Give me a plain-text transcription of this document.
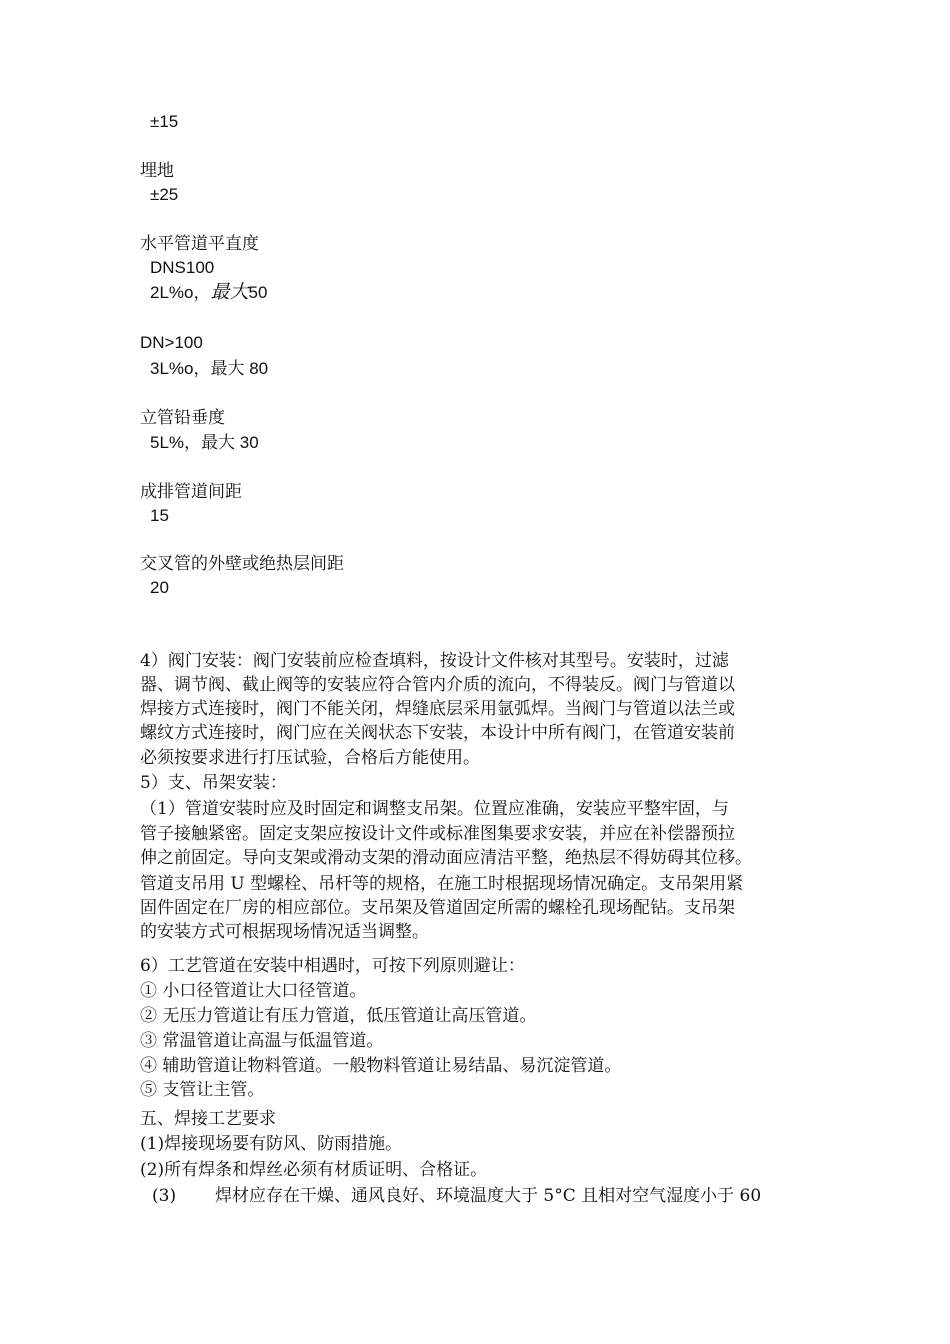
±15
埋地
±25
水平管道平直度
DNS100
2L%o，最大50
DN>100
3L%o，最大 80
立管铅垂度
5L%，最大 30
成排管道间距
15
交叉管的外壁或绝热层间距
20
4）阀门安装：阀门安装前应检查填料，按设计文件核对其型号。安装时，过滤
器、调节阀、截止阀等的安装应符合管内介质的流向，不得装反。阀门与管道以
焊接方式连接时，阀门不能关闭，焊缝底层采用氩弧焊。当阀门与管道以法兰或
螺纹方式连接时，阀门应在关阀状态下安装，本设计中所有阀门，在管道安装前
必须按要求进行打压试验，合格后方能使用。
5）支、吊架安装：
（1）管道安装时应及时固定和调整支吊架。位置应准确，安装应平整牢固，与
管子接触紧密。固定支架应按设计文件或标准图集要求安装，并应在补偿器预拉
伸之前固定。导向支架或滑动支架的滑动面应清洁平整，绝热层不得妨碍其位移。
管道支吊用 U 型螺栓、吊杆等的规格，在施工时根据现场情况确定。支吊架用紧
固件固定在厂房的相应部位。支吊架及管道固定所需的螺栓孔现场配钻。支吊架
的安装方式可根据现场情况适当调整。
6）工艺管道在安装中相遇时，可按下列原则避让：
① 小口径管道让大口径管道。
② 无压力管道让有压力管道，低压管道让高压管道。
③ 常温管道让高温与低温管道。
④ 辅助管道让物料管道。一般物料管道让易结晶、易沉淀管道。
⑤ 支管让主管。
五、焊接工艺要求
(1)焊接现场要有防风、防雨措施。
(2)所有焊条和焊丝必须有材质证明、合格证。
(3) 焊材应存在干燥、通风良好、环境温度大于 5°C 且相对空气湿度小于 60
